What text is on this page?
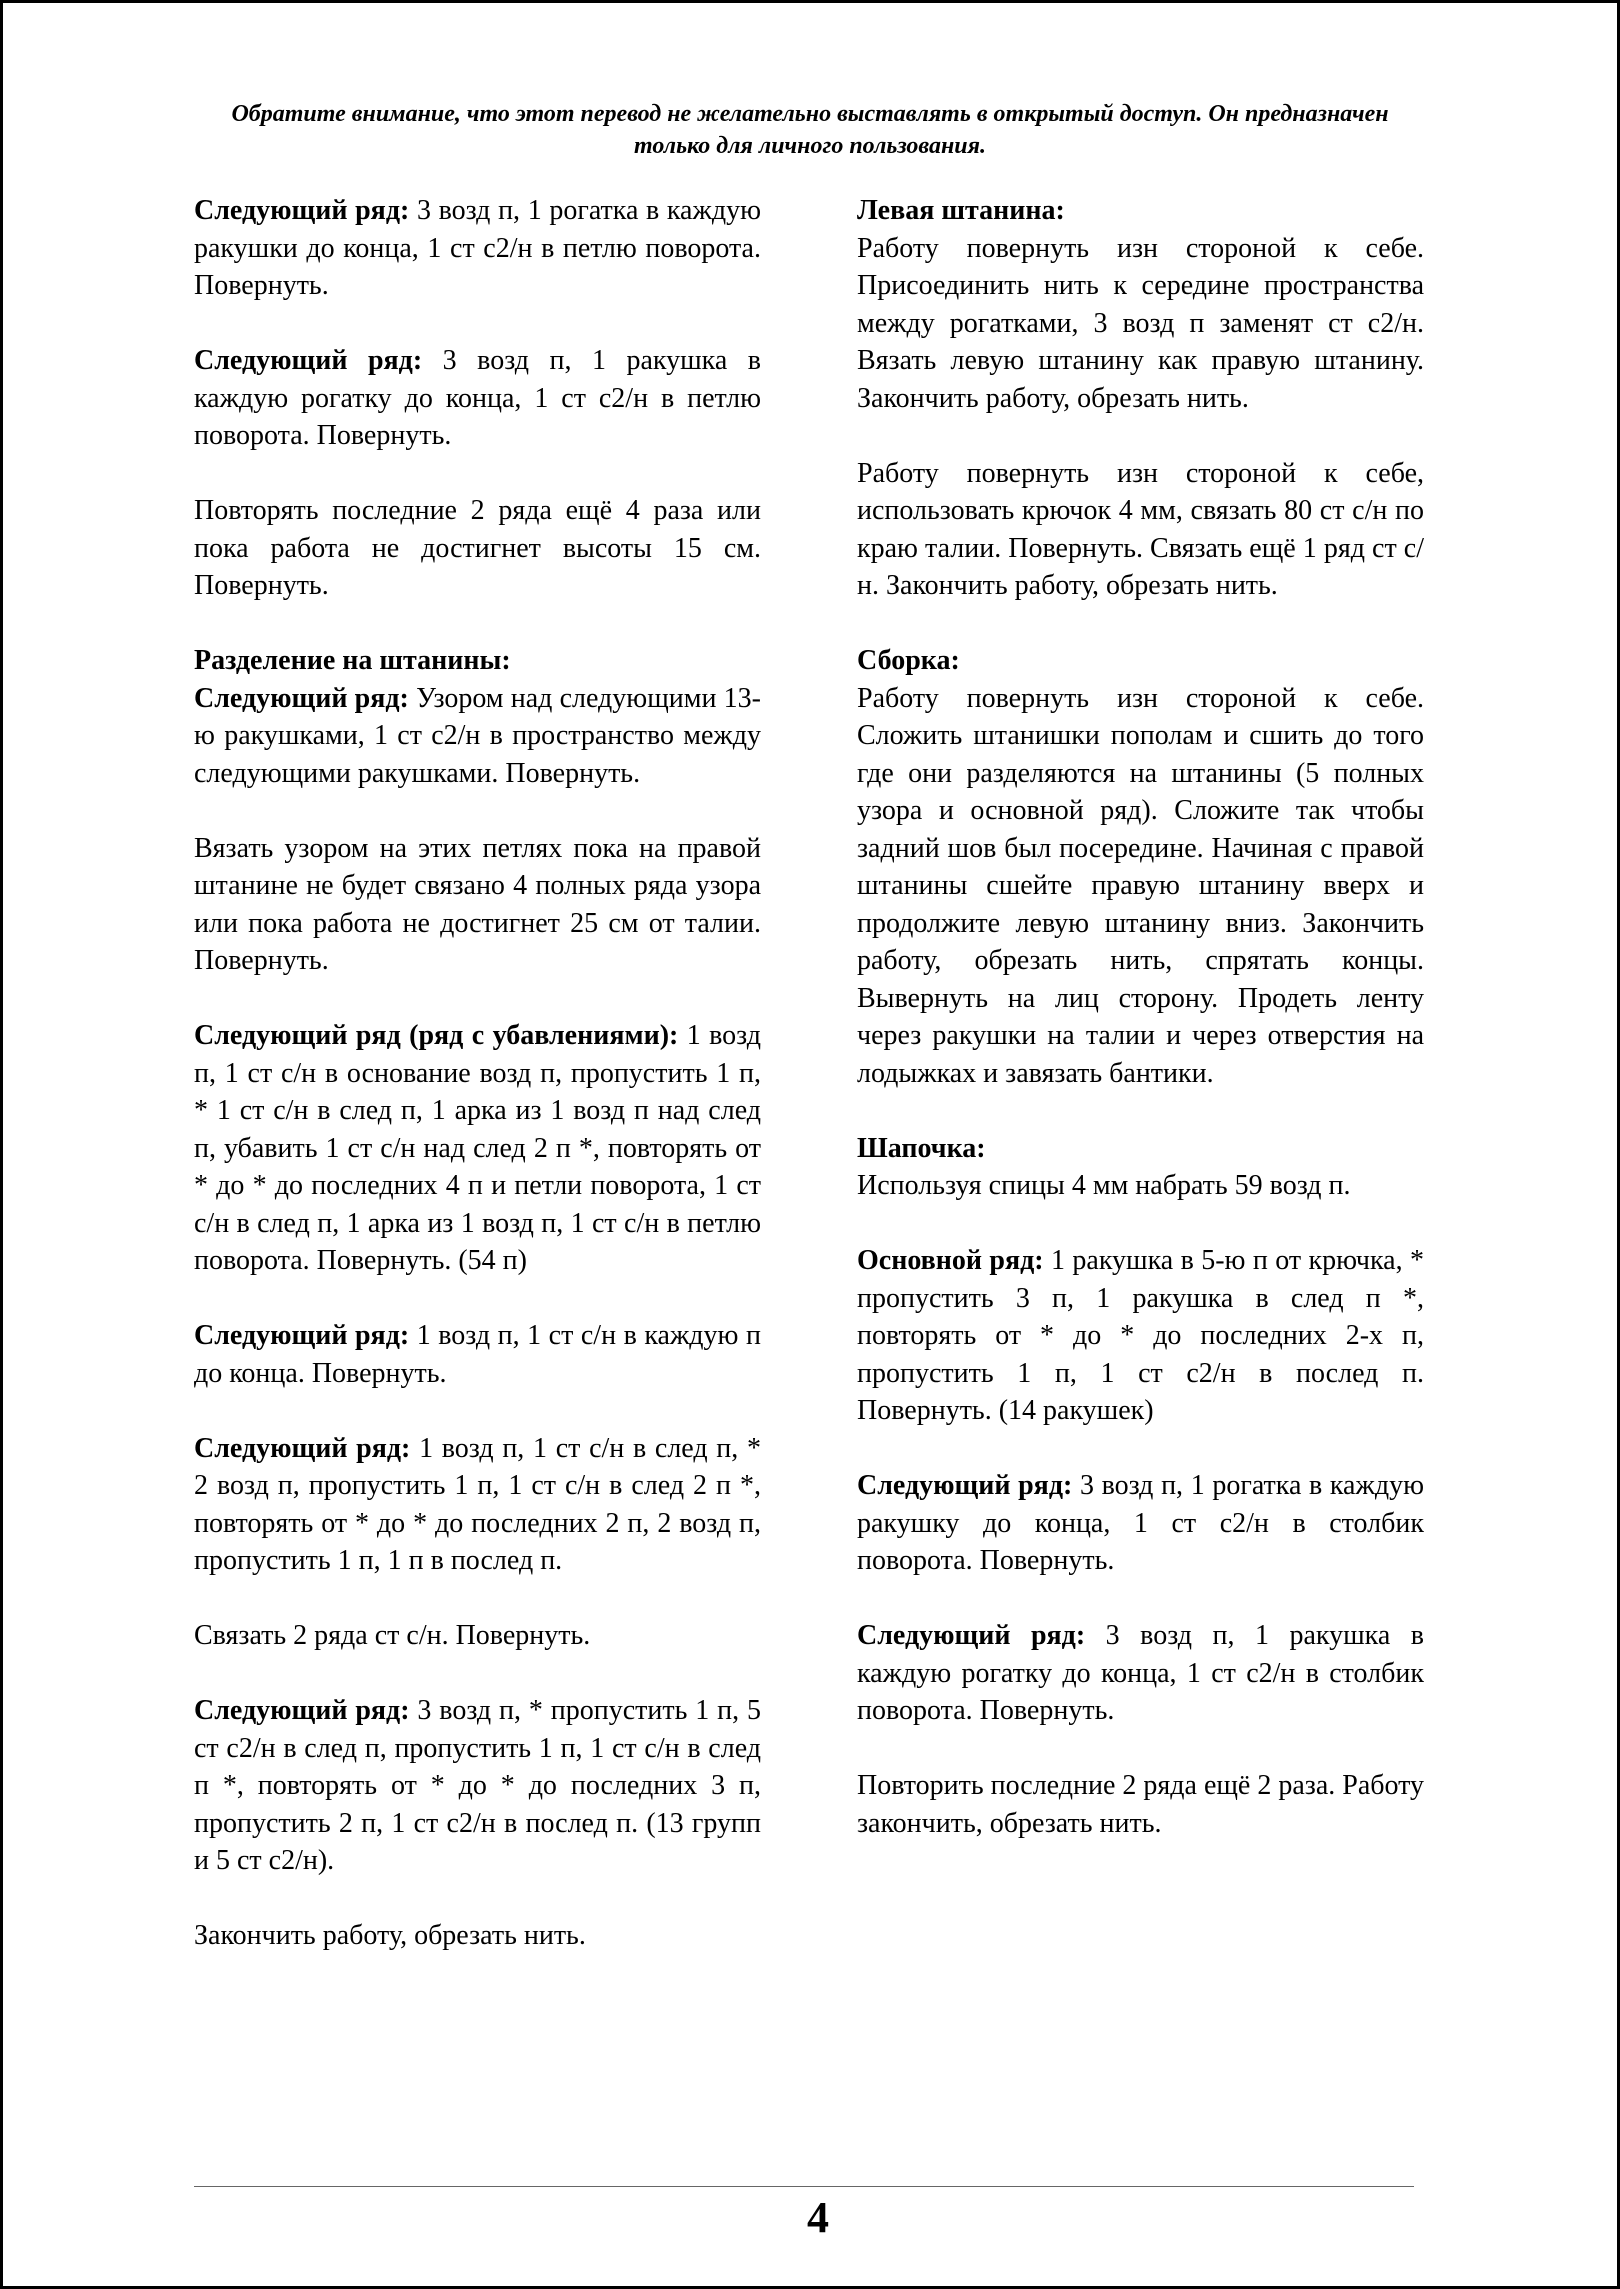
Обратите внимание, что этот перевод не желательно выставлять в открытый доступ. Он предназначен только для личного пользования.

Следующий ряд: 3 возд п, 1 рогатка в каждую ракушки до конца, 1 ст с2/н в петлю поворота. Повернуть.

Следующий ряд: 3 возд п, 1 ракушка в каждую рогатку до конца, 1 ст с2/н в петлю поворота. Повернуть.

Повторять последние 2 ряда ещё 4 раза или пока работа не достигнет высоты 15 см. Повернуть.

Разделение на штанины:
Следующий ряд: Узором над следующими 13-ю ракушками, 1 ст с2/н в пространство между следующими ракушками. Повернуть.

Вязать узором на этих петлях пока на правой штанине не будет связано 4 полных ряда узора или пока работа не достигнет 25 см от талии. Повернуть.

Следующий ряд (ряд с убавлениями): 1 возд п, 1 ст с/н в основание возд п, пропустить 1 п, * 1 ст с/н в след п, 1 арка из 1 возд п над след п, убавить 1 ст с/н над след 2 п *, повторять от * до * до последних 4 п и петли поворота, 1 ст с/н в след п, 1 арка из 1 возд п, 1 ст с/н в петлю поворота. Повернуть. (54 п)

Следующий ряд: 1 возд п, 1 ст с/н в каждую п до конца. Повернуть.

Следующий ряд: 1 возд п, 1 ст с/н в след п, * 2 возд п, пропустить 1 п, 1 ст с/н в след 2 п *, повторять от * до * до последних 2 п, 2 возд п, пропустить 1 п, 1 п в послед п.

Связать 2 ряда ст с/н. Повернуть.

Следующий ряд: 3 возд п, * пропустить 1 п, 5 ст с2/н в след п, пропустить 1 п, 1 ст с/н в след п *, повторять от * до * до последних 3 п, пропустить 2 п, 1 ст с2/н в послед п. (13 групп и 5 ст с2/н).

Закончить работу, обрезать нить.

Левая штанина:
Работу повернуть изн стороной к себе. Присоединить нить к середине пространства между рогатками, 3 возд п заменят ст с2/н. Вязать левую штанину как правую штанину. Закончить работу, обрезать нить.

Работу повернуть изн стороной к себе, использовать крючок 4 мм, связать 80 ст с/н по краю талии. Повернуть. Связать ещё 1 ряд ст с/н. Закончить работу, обрезать нить.

Сборка:
Работу повернуть изн стороной к себе. Сложить штанишки пополам и сшить до того где они разделяются на штанины (5 полных узора и основной ряд). Сложите так чтобы задний шов был посередине. Начиная с правой штанины сшейте правую штанину вверх и продолжите левую штанину вниз. Закончить работу, обрезать нить, спрятать концы. Вывернуть на лиц сторону. Продеть ленту через ракушки на талии и через отверстия на лодыжках и завязать бантики.

Шапочка:
Используя спицы 4 мм набрать 59 возд п.

Основной ряд: 1 ракушка в 5-ю п от крючка, * пропустить 3 п, 1 ракушка в след п *, повторять от * до * до последних 2-х п, пропустить 1 п, 1 ст с2/н в послед п. Повернуть. (14 ракушек)

Следующий ряд: 3 возд п, 1 рогатка в каждую ракушку до конца, 1 ст с2/н в столбик поворота. Повернуть.

Следующий ряд: 3 возд п, 1 ракушка в каждую рогатку до конца, 1 ст с2/н в столбик поворота. Повернуть.

Повторить последние 2 ряда ещё 2 раза. Работу закончить, обрезать нить.

4
